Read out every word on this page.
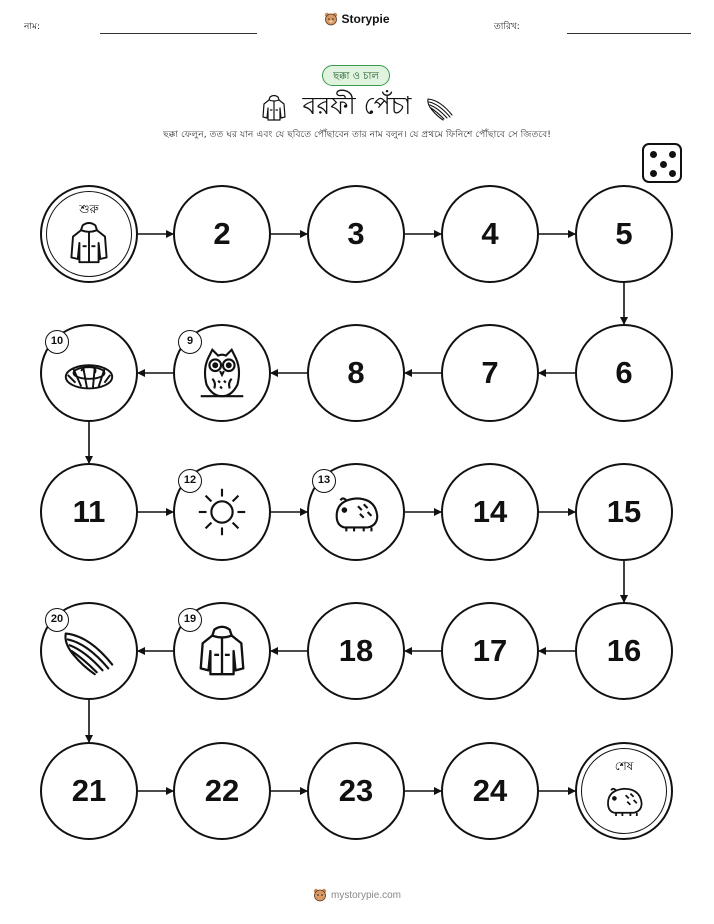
নাম:
Storypie
তারিখ:
ছক্কা ও চাল
বরফী পেঁচা
ছক্কা ফেলুন, তত ঘর যান এবং যে ছবিতে পৌঁছাবেন তার নাম বলুন। যে প্রথমে ফিনিশে পৌঁছাবে সে জিতবে!
শুরু
2	3	4	5
6
7
8
9
10
11
12	13
14	15
16
17
18
19
20
21	22	23	24
শেষ
mystorypie.com
